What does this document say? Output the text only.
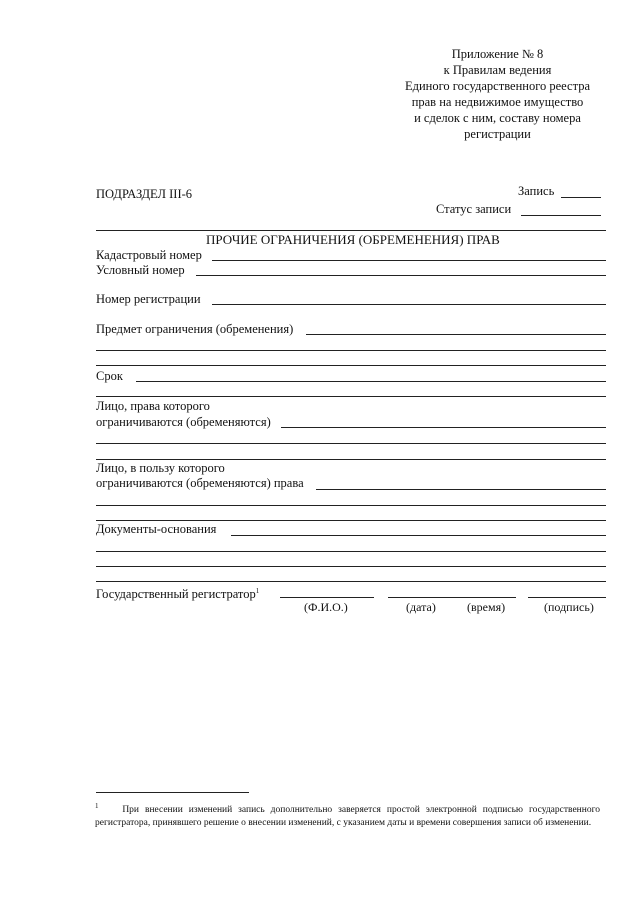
Приложение № 8
к Правилам ведения
Единого государственного реестра
прав на недвижимое имущество
и сделок с ним, составу номера
регистрации
ПОДРАЗДЕЛ III-6	Запись
Статус записи
ПРОЧИЕ ОГРАНИЧЕНИЯ (ОБРЕМЕНЕНИЯ) ПРАВ
Кадастровый номер
Условный номер
Номер регистрации
Предмет ограничения (обременения)
Срок
Лицо, права которого
ограничиваются (обременяются)
Лицо, в пользу которого
ограничиваются (обременяются) права
Документы-основания
Государственный регистратор$^1$
(Ф.И.О.)	(дата)	(время)	(подпись)
$^1$	При внесении изменений запись дополнительно заверяется простой электронной подписью государственного регистратора, принявшего решение о внесении изменений, с указанием даты и времени совершения записи об изменении.
